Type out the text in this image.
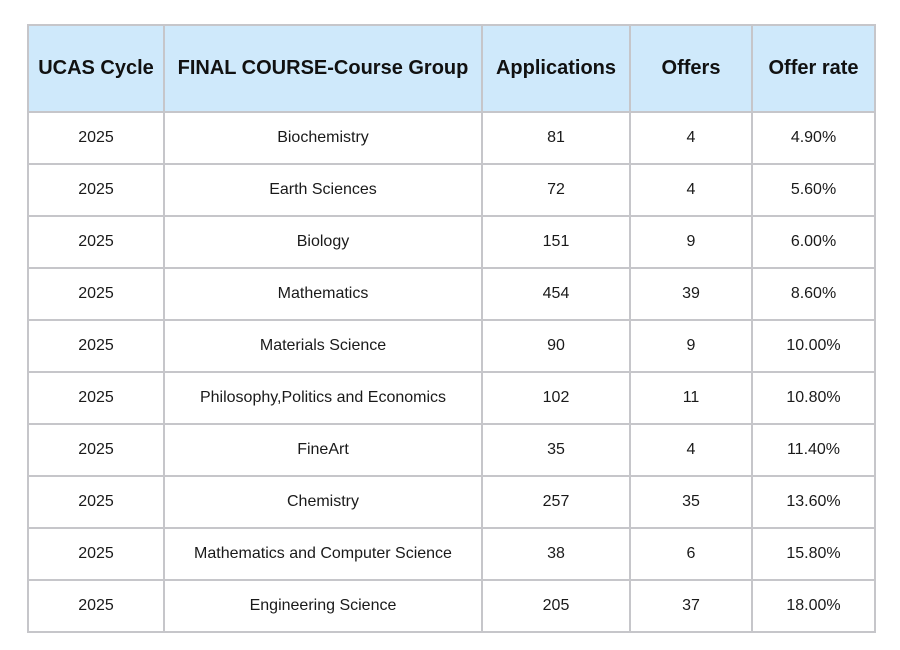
UCAS Cycle	FINAL COURSE-Course Group	Applications	Offers	Offer rate
2025	Biochemistry	81	4	4.90%
2025	Earth Sciences	72	4	5.60%
2025	Biology	151	9	6.00%
2025	Mathematics	454	39	8.60%
2025	Materials Science	90	9	10.00%
2025	Philosophy,Politics and Economics	102	11	10.80%
2025	FineArt	35	4	11.40%
2025	Chemistry	257	35	13.60%
2025	Mathematics and Computer Science	38	6	15.80%
2025	Engineering Science	205	37	18.00%
